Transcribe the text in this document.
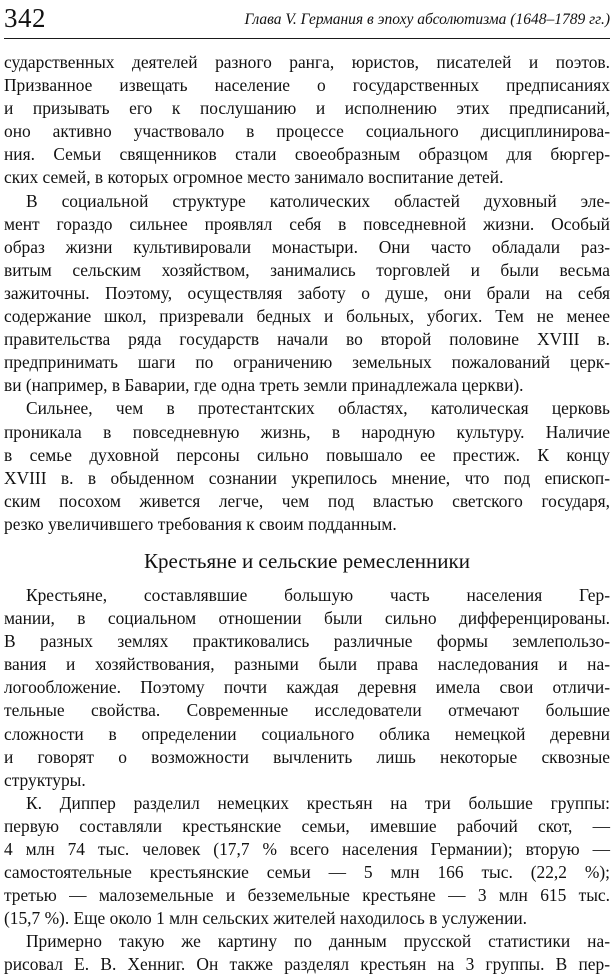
342	Глава V. Германия в эпоху абсолютизма (1648–1789 гг.)
сударственных деятелей разного ранга, юристов, писателей и поэтов.
Призванное извещать население о государственных предписаниях
и призывать его к послушанию и исполнению этих предписаний,
оно активно участвовало в процессе социального дисциплинирова-
ния. Семьи священников стали своеобразным образцом для бюргер-
ских семей, в которых огромное место занимало воспитание детей.
В социальной структуре католических областей духовный эле-
мент гораздо сильнее проявлял себя в повседневной жизни. Особый
образ жизни культивировали монастыри. Они часто обладали раз-
витым сельским хозяйством, занимались торговлей и были весьма
зажиточны. Поэтому, осуществляя заботу о душе, они брали на себя
содержание школ, призревали бедных и больных, убогих. Тем не менее
правительства ряда государств начали во второй половине XVIII в.
предпринимать шаги по ограничению земельных пожалований церк-
ви (например, в Баварии, где одна треть земли принадлежала церкви).
Сильнее, чем в протестантских областях, католическая церковь
проникала в повседневную жизнь, в народную культуру. Наличие
в семье духовной персоны сильно повышало ее престиж. К концу
XVIII в. в обыденном сознании укрепилось мнение, что под епископ-
ским посохом живется легче, чем под властью светского государя,
резко увеличившего требования к своим подданным.
Крестьяне и сельские ремесленники
Крестьяне, составлявшие большую часть населения Гер-
мании, в социальном отношении были сильно дифференцированы.
В разных землях практиковались различные формы землепользо-
вания и хозяйствования, разными были права наследования и на-
логообложение. Поэтому почти каждая деревня имела свои отличи-
тельные свойства. Современные исследователи отмечают большие
сложности в определении социального облика немецкой деревни
и говорят о возможности вычленить лишь некоторые сквозные
структуры.
К. Диппер разделил немецких крестьян на три большие группы:
первую составляли крестьянские семьи, имевшие рабочий скот, —
4 млн 74 тыс. человек (17,7 % всего населения Германии); вторую —
самостоятельные крестьянские семьи — 5 млн 166 тыс. (22,2 %);
третью — малоземельные и безземельные крестьяне — 3 млн 615 тыс.
(15,7 %). Еще около 1 млн сельских жителей находилось в услужении.
Примерно такую же картину по данным прусской статистики на-
рисовал Е. В. Хенниг. Он также разделял крестьян на 3 группы. В пер-
